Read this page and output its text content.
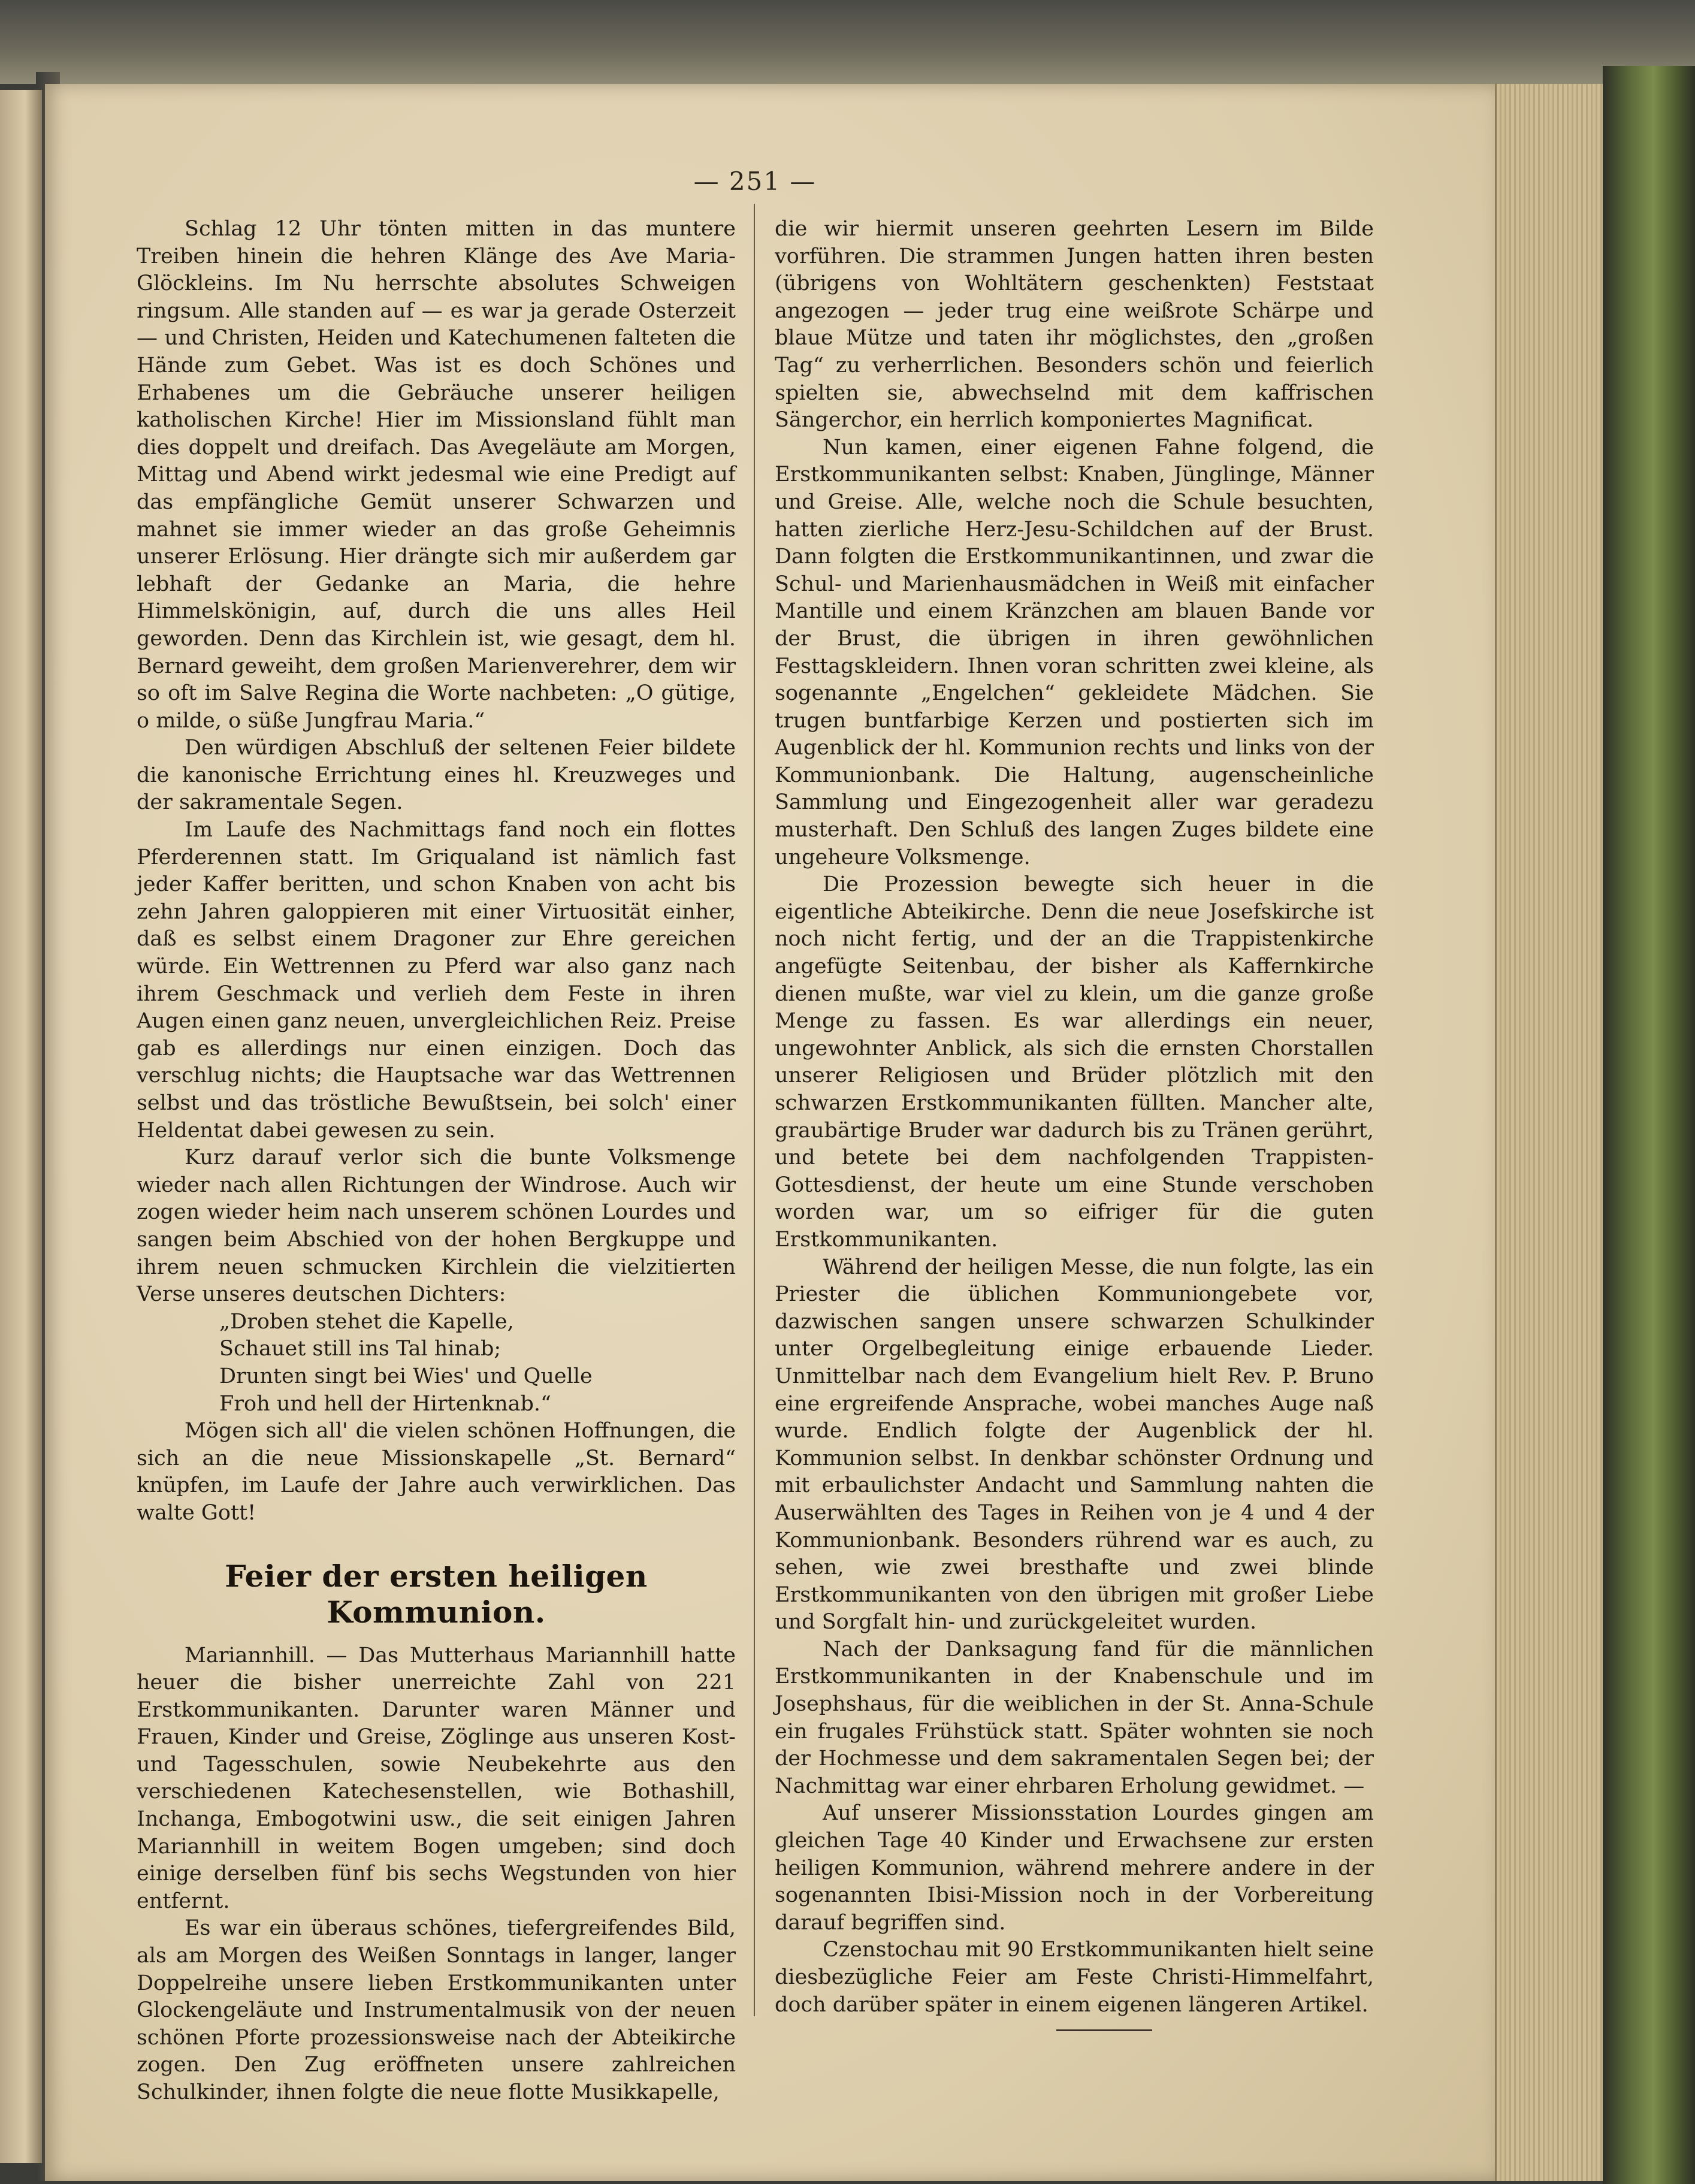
— 251 —

Schlag 12 Uhr tönten mitten in das muntere Treiben hinein die hehren Klänge des Ave Maria-Glöckleins. Im Nu herrschte absolutes Schweigen ringsum. Alle standen auf — es war ja gerade Osterzeit — und Christen, Heiden und Katechumenen falteten die Hände zum Gebet. Was ist es doch Schönes und Erhabenes um die Gebräuche unserer heiligen katholischen Kirche! Hier im Missionsland fühlt man dies doppelt und dreifach. Das Avegeläute am Morgen, Mittag und Abend wirkt jedesmal wie eine Predigt auf das empfängliche Gemüt unserer Schwarzen und mahnet sie immer wieder an das große Geheimnis unserer Erlösung. Hier drängte sich mir außerdem gar lebhaft der Gedanke an Maria, die hehre Himmelskönigin, auf, durch die uns alles Heil geworden. Denn das Kirchlein ist, wie gesagt, dem hl. Bernard geweiht, dem großen Marienverehrer, dem wir so oft im Salve Regina die Worte nachbeten: „O gütige, o milde, o süße Jungfrau Maria.“

Den würdigen Abschluß der seltenen Feier bildete die kanonische Errichtung eines hl. Kreuzweges und der sakramentale Segen.

Im Laufe des Nachmittags fand noch ein flottes Pferderennen statt. Im Griqualand ist nämlich fast jeder Kaffer beritten, und schon Knaben von acht bis zehn Jahren galoppieren mit einer Virtuosität einher, daß es selbst einem Dragoner zur Ehre gereichen würde. Ein Wettrennen zu Pferd war also ganz nach ihrem Geschmack und verlieh dem Feste in ihren Augen einen ganz neuen, unvergleichlichen Reiz. Preise gab es allerdings nur einen einzigen. Doch das verschlug nichts; die Hauptsache war das Wettrennen selbst und das tröstliche Bewußtsein, bei solch' einer Heldentat dabei gewesen zu sein.

Kurz darauf verlor sich die bunte Volksmenge wieder nach allen Richtungen der Windrose. Auch wir zogen wieder heim nach unserem schönen Lourdes und sangen beim Abschied von der hohen Bergkuppe und ihrem neuen schmucken Kirchlein die vielzitierten Verse unseres deutschen Dichters:

„Droben stehet die Kapelle,
Schauet still ins Tal hinab;
Drunten singt bei Wies' und Quelle
Froh und hell der Hirtenknab.“

Mögen sich all' die vielen schönen Hoffnungen, die sich an die neue Missionskapelle „St. Bernard“ knüpfen, im Laufe der Jahre auch verwirklichen. Das walte Gott!

Feier der ersten heiligen Kommunion.

Mariannhill. — Das Mutterhaus Mariannhill hatte heuer die bisher unerreichte Zahl von 221 Erstkommunikanten. Darunter waren Männer und Frauen, Kinder und Greise, Zöglinge aus unseren Kost- und Tagesschulen, sowie Neubekehrte aus den verschiedenen Katechesenstellen, wie Bothashill, Inchanga, Embogotwini usw., die seit einigen Jahren Mariannhill in weitem Bogen umgeben; sind doch einige derselben fünf bis sechs Wegstunden von hier entfernt.

Es war ein überaus schönes, tiefergreifendes Bild, als am Morgen des Weißen Sonntags in langer, langer Doppelreihe unsere lieben Erstkommunikanten unter Glockengeläute und Instrumentalmusik von der neuen schönen Pforte prozessionsweise nach der Abteikirche zogen. Den Zug eröffneten unsere zahlreichen Schulkinder, ihnen folgte die neue flotte Musikkapelle,

die wir hiermit unseren geehrten Lesern im Bilde vorführen. Die strammen Jungen hatten ihren besten (übrigens von Wohltätern geschenkten) Feststaat angezogen — jeder trug eine weißrote Schärpe und blaue Mütze und taten ihr möglichstes, den „großen Tag“ zu verherrlichen. Besonders schön und feierlich spielten sie, abwechselnd mit dem kaffrischen Sängerchor, ein herrlich komponiertes Magnificat.

Nun kamen, einer eigenen Fahne folgend, die Erstkommunikanten selbst: Knaben, Jünglinge, Männer und Greise. Alle, welche noch die Schule besuchten, hatten zierliche Herz-Jesu-Schildchen auf der Brust. Dann folgten die Erstkommunikantinnen, und zwar die Schul- und Marienhausmädchen in Weiß mit einfacher Mantille und einem Kränzchen am blauen Bande vor der Brust, die übrigen in ihren gewöhnlichen Festtagskleidern. Ihnen voran schritten zwei kleine, als sogenannte „Engelchen“ gekleidete Mädchen. Sie trugen buntfarbige Kerzen und postierten sich im Augenblick der hl. Kommunion rechts und links von der Kommunionbank. Die Haltung, augenscheinliche Sammlung und Eingezogenheit aller war geradezu musterhaft. Den Schluß des langen Zuges bildete eine ungeheure Volksmenge.

Die Prozession bewegte sich heuer in die eigentliche Abteikirche. Denn die neue Josefskirche ist noch nicht fertig, und der an die Trappistenkirche angefügte Seitenbau, der bisher als Kaffernkirche dienen mußte, war viel zu klein, um die ganze große Menge zu fassen. Es war allerdings ein neuer, ungewohnter Anblick, als sich die ernsten Chorstallen unserer Religiosen und Brüder plötzlich mit den schwarzen Erstkommunikanten füllten. Mancher alte, graubärtige Bruder war dadurch bis zu Tränen gerührt, und betete bei dem nachfolgenden Trappisten-Gottesdienst, der heute um eine Stunde verschoben worden war, um so eifriger für die guten Erstkommunikanten.

Während der heiligen Messe, die nun folgte, las ein Priester die üblichen Kommuniongebete vor, dazwischen sangen unsere schwarzen Schulkinder unter Orgelbegleitung einige erbauende Lieder. Unmittelbar nach dem Evangelium hielt Rev. P. Bruno eine ergreifende Ansprache, wobei manches Auge naß wurde. Endlich folgte der Augenblick der hl. Kommunion selbst. In denkbar schönster Ordnung und mit erbaulichster Andacht und Sammlung nahten die Auserwählten des Tages in Reihen von je 4 und 4 der Kommunionbank. Besonders rührend war es auch, zu sehen, wie zwei bresthafte und zwei blinde Erstkommunikanten von den übrigen mit großer Liebe und Sorgfalt hin- und zurückgeleitet wurden.

Nach der Danksagung fand für die männlichen Erstkommunikanten in der Knabenschule und im Josephshaus, für die weiblichen in der St. Anna-Schule ein frugales Frühstück statt. Später wohnten sie noch der Hochmesse und dem sakramentalen Segen bei; der Nachmittag war einer ehrbaren Erholung gewidmet. —

Auf unserer Missionsstation Lourdes gingen am gleichen Tage 40 Kinder und Erwachsene zur ersten heiligen Kommunion, während mehrere andere in der sogenannten Ibisi-Mission noch in der Vorbereitung darauf begriffen sind.

Czenstochau mit 90 Erstkommunikanten hielt seine diesbezügliche Feier am Feste Christi-Himmelfahrt, doch darüber später in einem eigenen längeren Artikel.
